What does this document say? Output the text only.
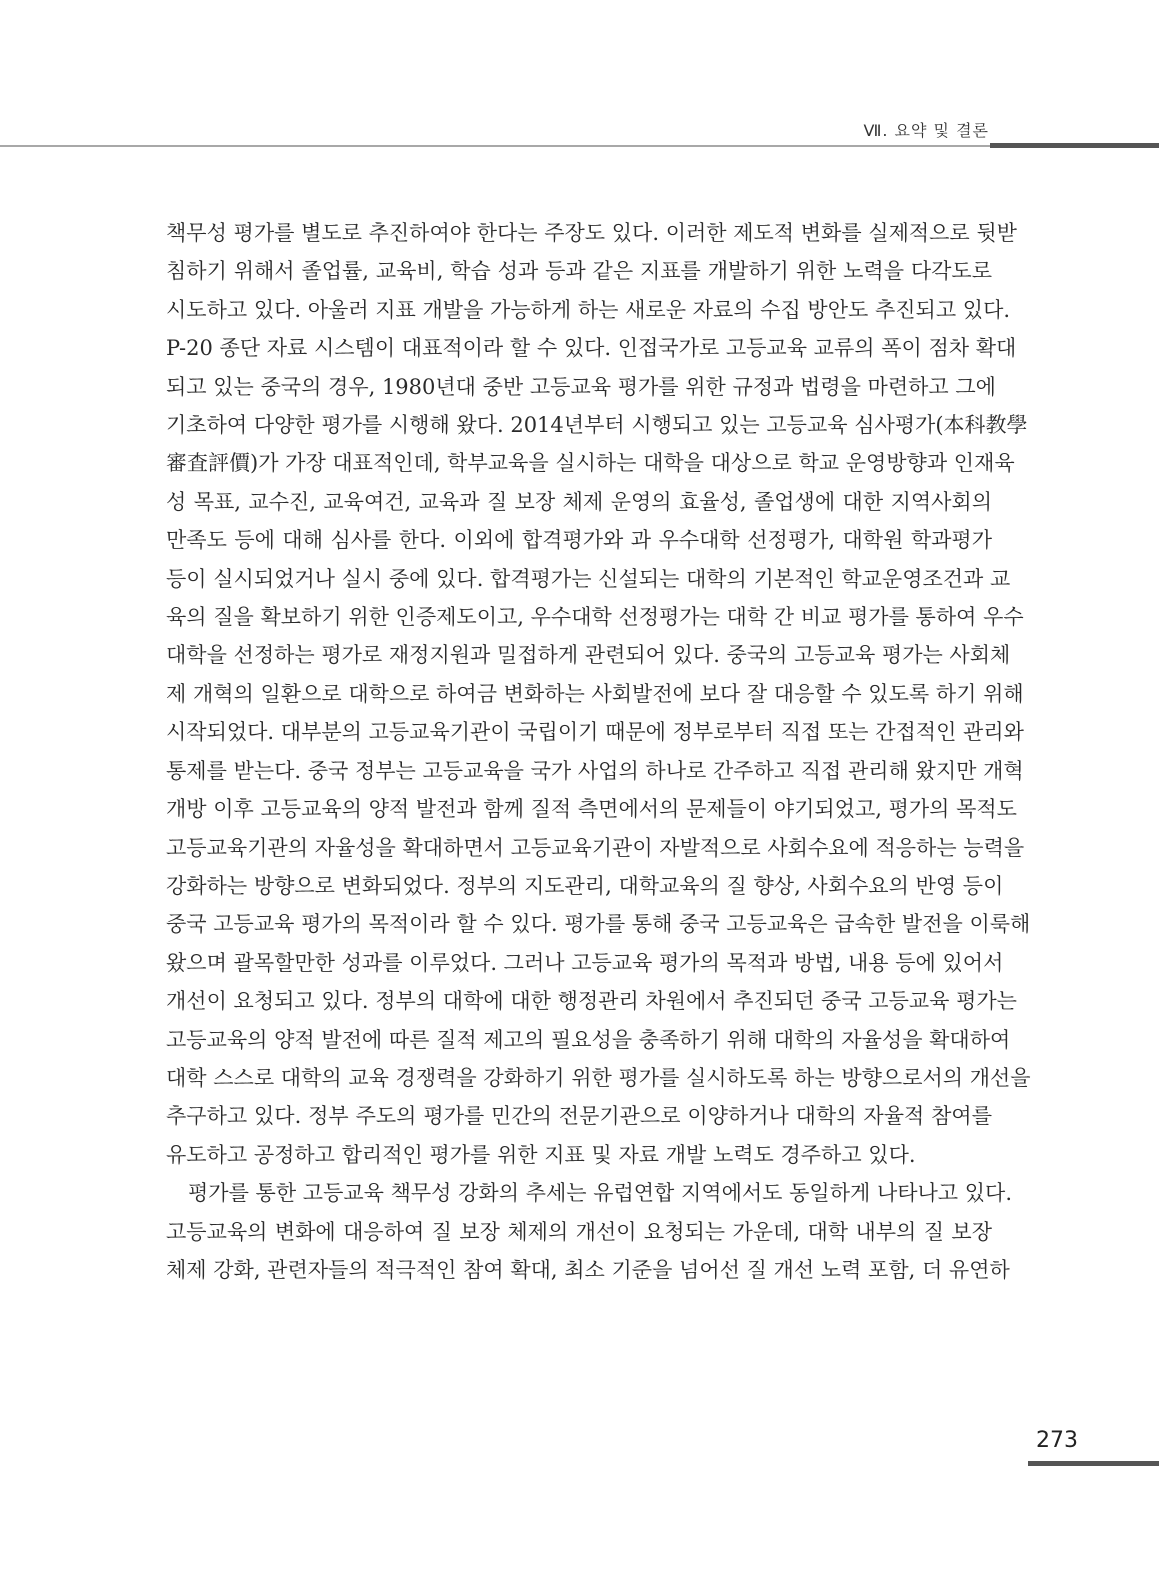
Ⅶ. 요약 및 결론
책무성 평가를 별도로 추진하여야 한다는 주장도 있다. 이러한 제도적 변화를 실제적으로 뒷받
침하기 위해서 졸업률, 교육비, 학습 성과 등과 같은 지표를 개발하기 위한 노력을 다각도로
시도하고 있다. 아울러 지표 개발을 가능하게 하는 새로운 자료의 수집 방안도 추진되고 있다.
P-20 종단 자료 시스템이 대표적이라 할 수 있다. 인접국가로 고등교육 교류의 폭이 점차 확대
되고 있는 중국의 경우, 1980년대 중반 고등교육 평가를 위한 규정과 법령을 마련하고 그에
기초하여 다양한 평가를 시행해 왔다. 2014년부터 시행되고 있는 고등교육 심사평가(本科教學
審査評價)가 가장 대표적인데, 학부교육을 실시하는 대학을 대상으로 학교 운영방향과 인재육
성 목표, 교수진, 교육여건, 교육과 질 보장 체제 운영의 효율성, 졸업생에 대한 지역사회의
만족도 등에 대해 심사를 한다. 이외에 합격평가와 과 우수대학 선정평가, 대학원 학과평가
등이 실시되었거나 실시 중에 있다. 합격평가는 신설되는 대학의 기본적인 학교운영조건과 교
육의 질을 확보하기 위한 인증제도이고, 우수대학 선정평가는 대학 간 비교 평가를 통하여 우수
대학을 선정하는 평가로 재정지원과 밀접하게 관련되어 있다. 중국의 고등교육 평가는 사회체
제 개혁의 일환으로 대학으로 하여금 변화하는 사회발전에 보다 잘 대응할 수 있도록 하기 위해
시작되었다. 대부분의 고등교육기관이 국립이기 때문에 정부로부터 직접 또는 간접적인 관리와
통제를 받는다. 중국 정부는 고등교육을 국가 사업의 하나로 간주하고 직접 관리해 왔지만 개혁
개방 이후 고등교육의 양적 발전과 함께 질적 측면에서의 문제들이 야기되었고, 평가의 목적도
고등교육기관의 자율성을 확대하면서 고등교육기관이 자발적으로 사회수요에 적응하는 능력을
강화하는 방향으로 변화되었다. 정부의 지도관리, 대학교육의 질 향상, 사회수요의 반영 등이
중국 고등교육 평가의 목적이라 할 수 있다. 평가를 통해 중국 고등교육은 급속한 발전을 이룩해
왔으며 괄목할만한 성과를 이루었다. 그러나 고등교육 평가의 목적과 방법, 내용 등에 있어서
개선이 요청되고 있다. 정부의 대학에 대한 행정관리 차원에서 추진되던 중국 고등교육 평가는
고등교육의 양적 발전에 따른 질적 제고의 필요성을 충족하기 위해 대학의 자율성을 확대하여
대학 스스로 대학의 교육 경쟁력을 강화하기 위한 평가를 실시하도록 하는 방향으로서의 개선을
추구하고 있다. 정부 주도의 평가를 민간의 전문기관으로 이양하거나 대학의 자율적 참여를
유도하고 공정하고 합리적인 평가를 위한 지표 및 자료 개발 노력도 경주하고 있다.
평가를 통한 고등교육 책무성 강화의 추세는 유럽연합 지역에서도 동일하게 나타나고 있다.
고등교육의 변화에 대응하여 질 보장 체제의 개선이 요청되는 가운데, 대학 내부의 질 보장
체제 강화, 관련자들의 적극적인 참여 확대, 최소 기준을 넘어선 질 개선 노력 포함, 더 유연하
273
